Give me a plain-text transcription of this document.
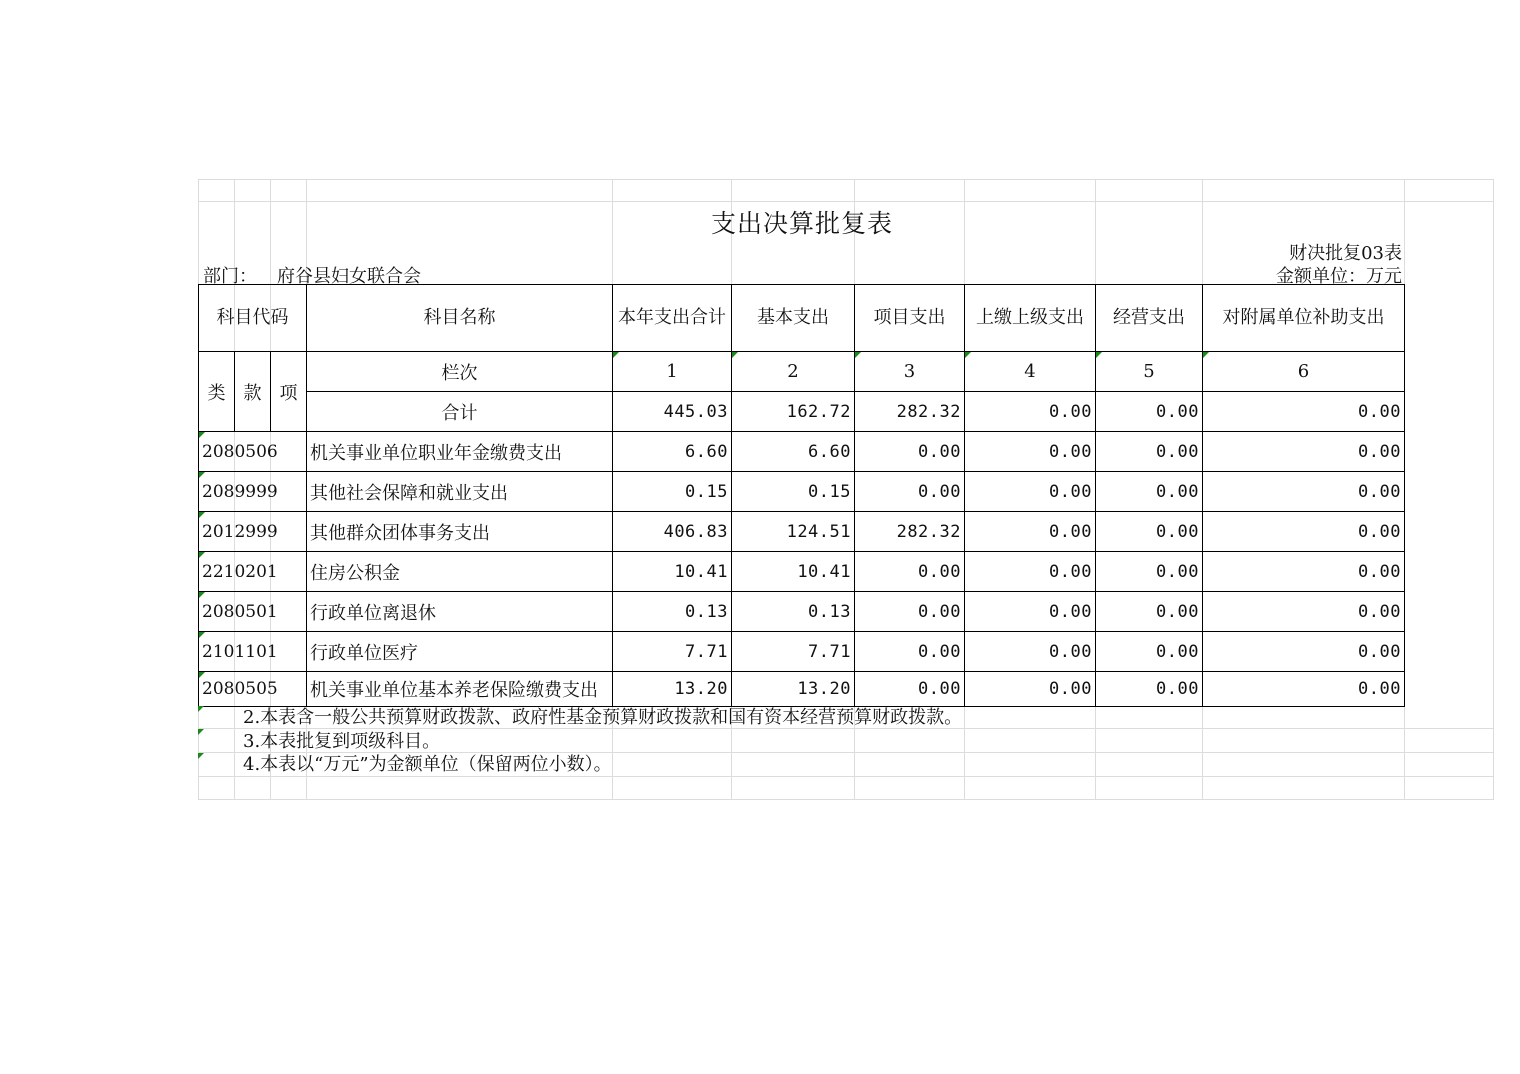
支出决算批复表
财决批复03表
金额单位：万元
部门： 府谷县妇女联合会
科目代码			科目名称	本年支出合计	基本支出	项目支出	上缴上级支出	经营支出	对附属单位补助支出
类	款	项	栏次	1	2	3	4	5	6
			合计	445.03	162.72	282.32	0.00	0.00	0.00
2080506			机关事业单位职业年金缴费支出	6.60	6.60	0.00	0.00	0.00	0.00
2089999			其他社会保障和就业支出	0.15	0.15	0.00	0.00	0.00	0.00
2012999			其他群众团体事务支出	406.83	124.51	282.32	0.00	0.00	0.00
2210201			住房公积金	10.41	10.41	0.00	0.00	0.00	0.00
2080501			行政单位离退休	0.13	0.13	0.00	0.00	0.00	0.00
2101101			行政单位医疗	7.71	7.71	0.00	0.00	0.00	0.00
2080505			机关事业单位基本养老保险缴费支出	13.20	13.20	0.00	0.00	0.00	0.00
2.本表含一般公共预算财政拨款、政府性基金预算财政拨款和国有资本经营预算财政拨款。
3.本表批复到项级科目。
4.本表以“万元”为金额单位（保留两位小数）。
